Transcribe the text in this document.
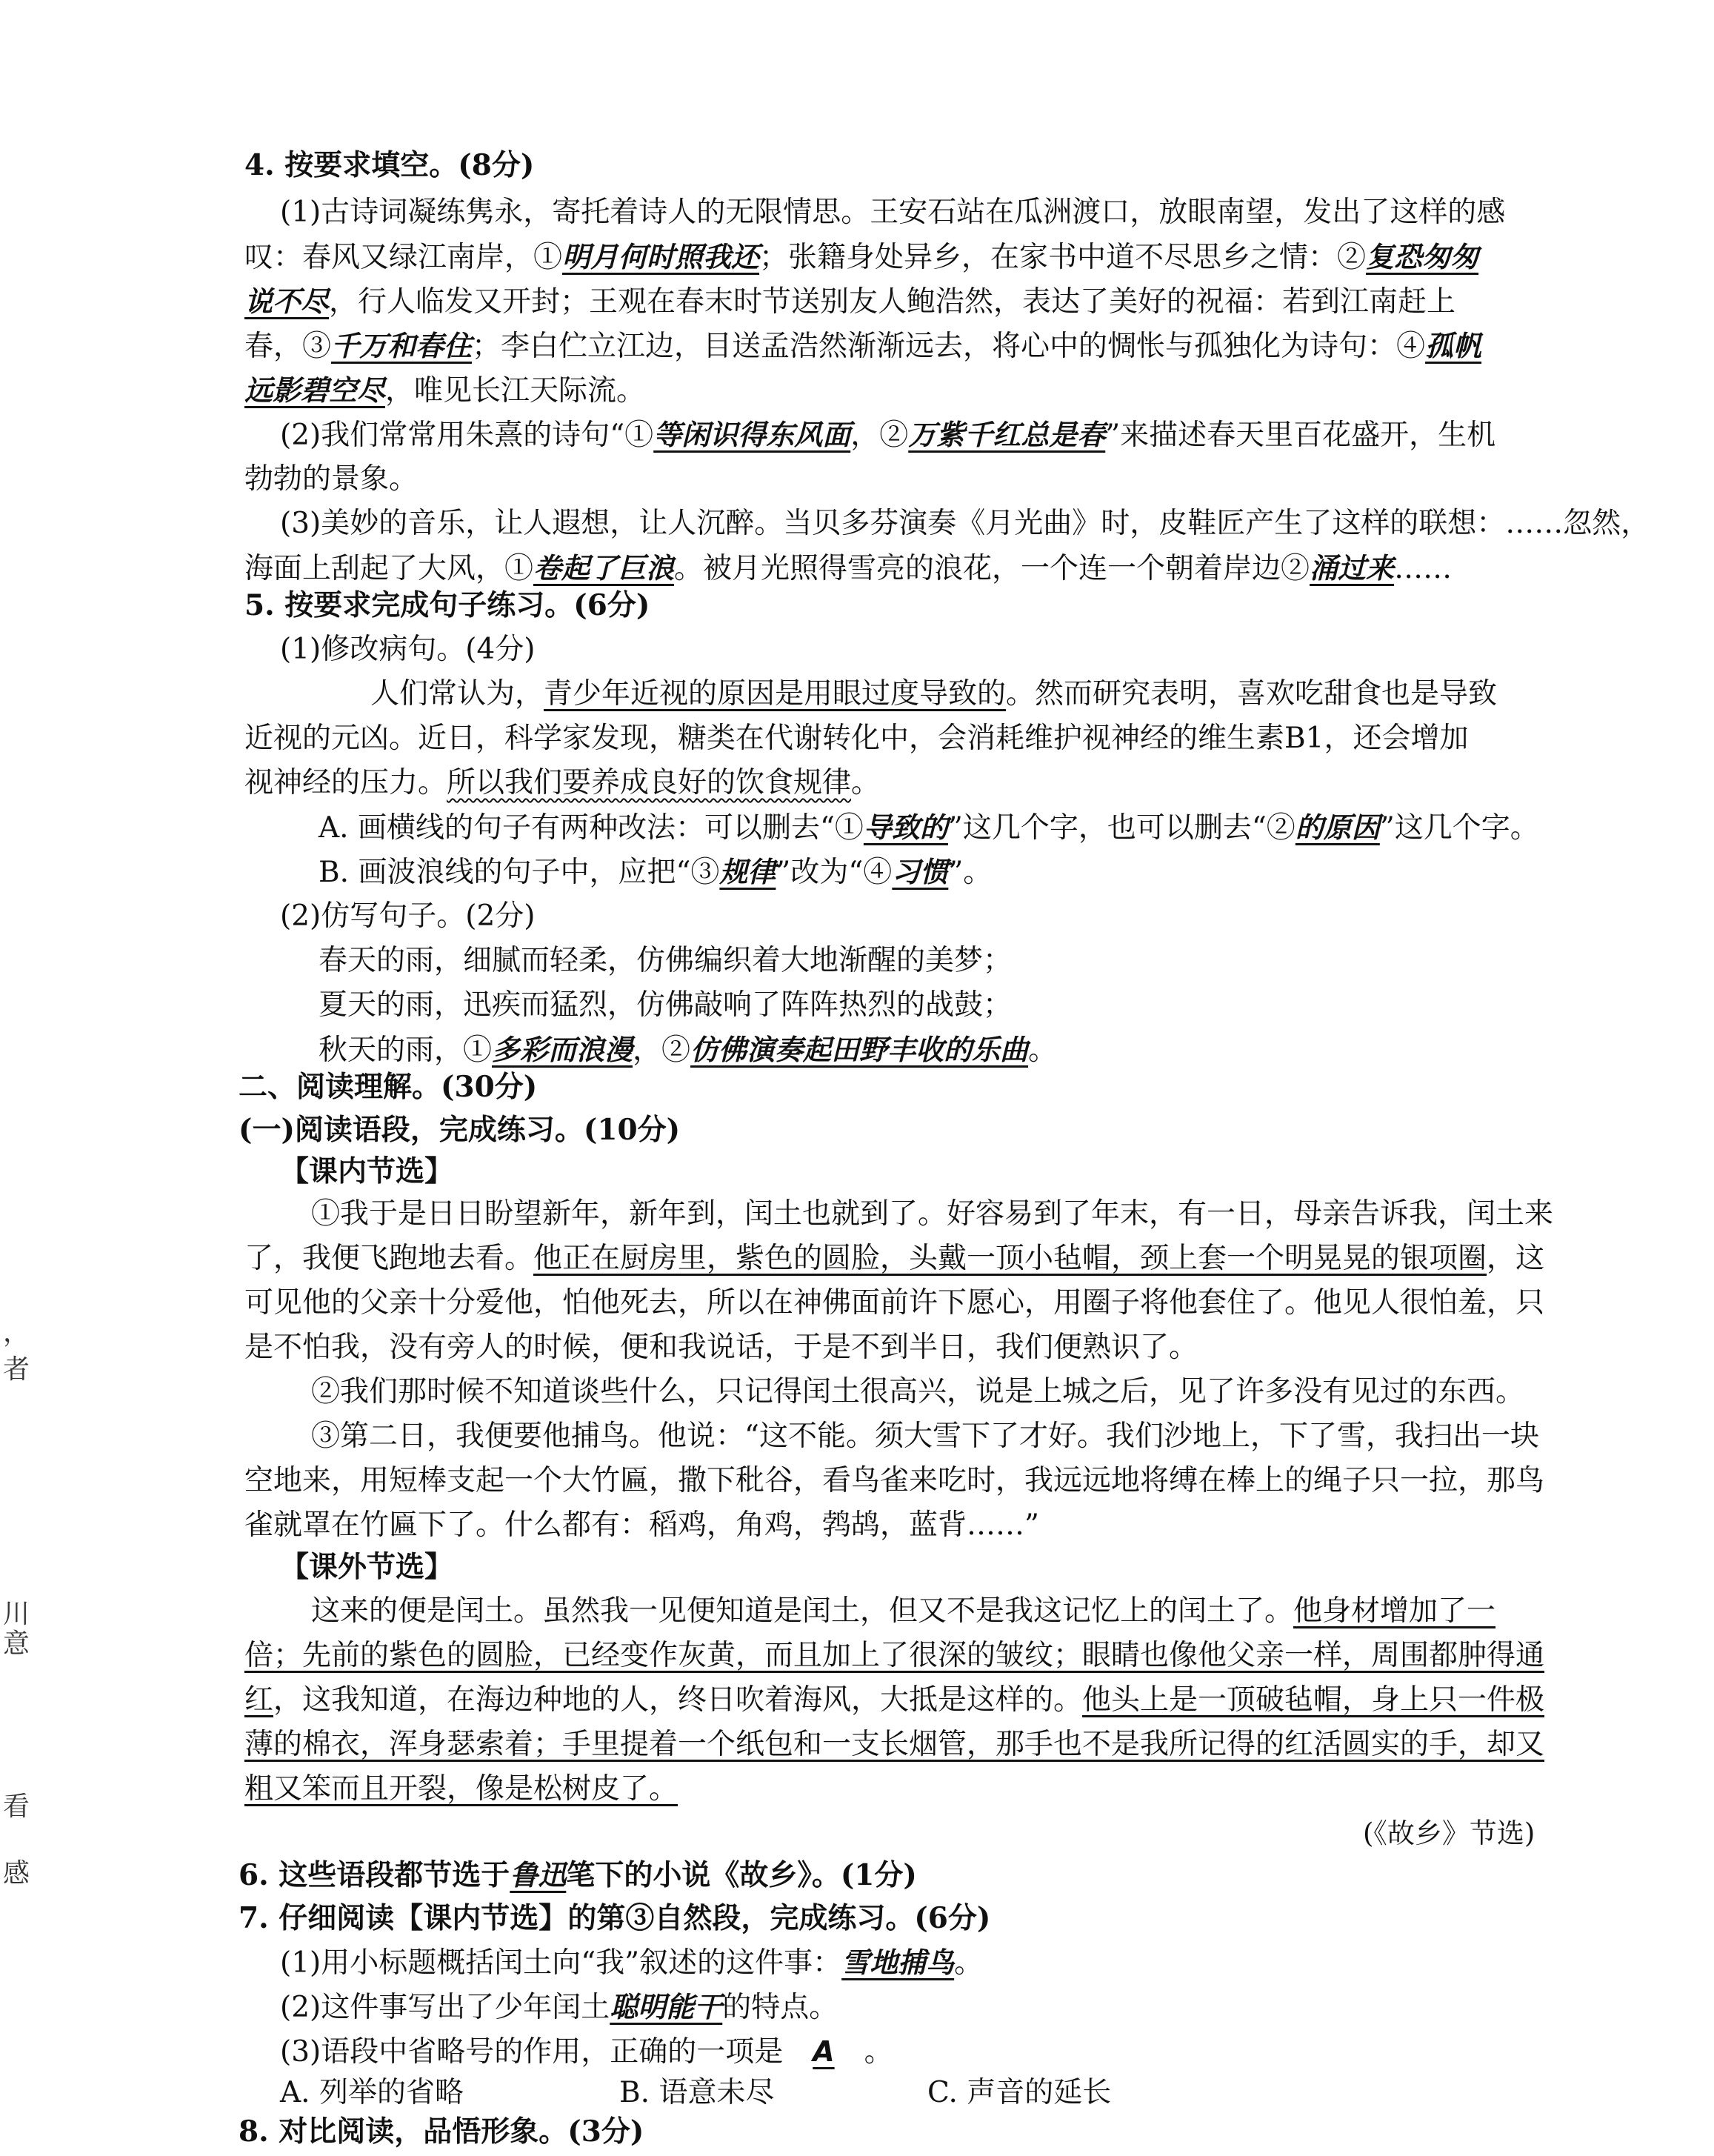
4. 按要求填空。(8分)
(1)古诗词凝练隽永，寄托着诗人的无限情思。王安石站在瓜洲渡口，放眼南望，发出了这样的感
叹：春风又绿江南岸，①明月何时照我还；张籍身处异乡，在家书中道不尽思乡之情：②复恐匆匆
说不尽，行人临发又开封；王观在春末时节送别友人鲍浩然，表达了美好的祝福：若到江南赶上
春，③千万和春住；李白伫立江边，目送孟浩然渐渐远去，将心中的惆怅与孤独化为诗句：④孤帆
远影碧空尽，唯见长江天际流。
(2)我们常常用朱熹的诗句“①等闲识得东风面，②万紫千红总是春”来描述春天里百花盛开，生机
勃勃的景象。
(3)美妙的音乐，让人遐想，让人沉醉。当贝多芬演奏《月光曲》时，皮鞋匠产生了这样的联想：……忽然，
海面上刮起了大风，①卷起了巨浪。被月光照得雪亮的浪花，一个连一个朝着岸边②涌过来……
5. 按要求完成句子练习。(6分)
(1)修改病句。(4分)
人们常认为，青少年近视的原因是用眼过度导致的。然而研究表明，喜欢吃甜食也是导致
近视的元凶。近日，科学家发现，糖类在代谢转化中，会消耗维护视神经的维生素B1，还会增加
视神经的压力。所以我们要养成良好的饮食规律。
A. 画横线的句子有两种改法：可以删去“①导致的”这几个字，也可以删去“②的原因”这几个字。
B. 画波浪线的句子中，应把“③规律”改为“④习惯”。
(2)仿写句子。(2分)
春天的雨，细腻而轻柔，仿佛编织着大地渐醒的美梦；
夏天的雨，迅疾而猛烈，仿佛敲响了阵阵热烈的战鼓；
秋天的雨，①多彩而浪漫，②仿佛演奏起田野丰收的乐曲。
二、阅读理解。(30分)
(一)阅读语段，完成练习。(10分)
【课内节选】
①我于是日日盼望新年，新年到，闰土也就到了。好容易到了年末，有一日，母亲告诉我，闰土来
了，我便飞跑地去看。他正在厨房里，紫色的圆脸，头戴一顶小毡帽，颈上套一个明晃晃的银项圈，这
可见他的父亲十分爱他，怕他死去，所以在神佛面前许下愿心，用圈子将他套住了。他见人很怕羞，只
是不怕我，没有旁人的时候，便和我说话，于是不到半日，我们便熟识了。
②我们那时候不知道谈些什么，只记得闰土很高兴，说是上城之后，见了许多没有见过的东西。
③第二日，我便要他捕鸟。他说：“这不能。须大雪下了才好。我们沙地上，下了雪，我扫出一块
空地来，用短棒支起一个大竹匾，撒下秕谷，看鸟雀来吃时，我远远地将缚在棒上的绳子只一拉，那鸟
雀就罩在竹匾下了。什么都有：稻鸡，角鸡，鹁鸪，蓝背……”
【课外节选】
这来的便是闰土。虽然我一见便知道是闰土，但又不是我这记忆上的闰土了。他身材增加了一
倍；先前的紫色的圆脸，已经变作灰黄，而且加上了很深的皱纹；眼睛也像他父亲一样，周围都肿得通
红，这我知道，在海边种地的人，终日吹着海风，大抵是这样的。他头上是一顶破毡帽，身上只一件极
薄的棉衣，浑身瑟索着；手里提着一个纸包和一支长烟管，那手也不是我所记得的红活圆实的手，却又
粗又笨而且开裂，像是松树皮了。
(《故乡》节选)
6. 这些语段都节选于鲁迅笔下的小说《故乡》。(1分)
7. 仔细阅读【课内节选】的第③自然段，完成练习。(6分)
(1)用小标题概括闰土向“我”叙述的这件事：雪地捕鸟。
(2)这件事写出了少年闰土聪明能干的特点。
(3)语段中省略号的作用，正确的一项是 A 。
A. 列举的省略	B. 语意未尽	C. 声音的延长
8. 对比阅读，品悟形象。(3分)
，
者
川
意
看
感
